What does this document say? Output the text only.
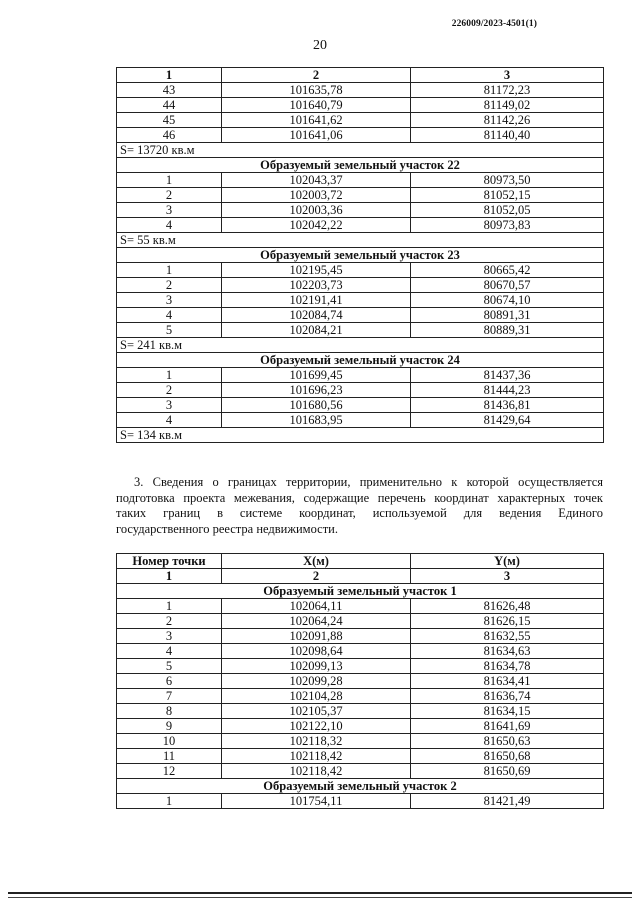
226009/2023-4501(1)
20
1	2	3
43	101635,78	81172,23
44	101640,79	81149,02
45	101641,62	81142,26
46	101641,06	81140,40
S= 13720 кв.м		
Образуемый земельный участок 22		
1	102043,37	80973,50
2	102003,72	81052,15
3	102003,36	81052,05
4	102042,22	80973,83
S= 55 кв.м		
Образуемый земельный участок 23		
1	102195,45	80665,42
2	102203,73	80670,57
3	102191,41	80674,10
4	102084,74	80891,31
5	102084,21	80889,31
S= 241 кв.м		
Образуемый земельный участок 24		
1	101699,45	81437,36
2	101696,23	81444,23
3	101680,56	81436,81
4	101683,95	81429,64
S= 134 кв.м		
3. Сведения о границах территории, применительно к которой осуществляется
подготовка проекта межевания, содержащие перечень координат характерных точек
таких границ в системе координат, используемой для ведения Единого
государственного реестра недвижимости.
Номер точки	X(м)	Y(м)
1	2	3
Образуемый земельный участок 1		
1	102064,11	81626,48
2	102064,24	81626,15
3	102091,88	81632,55
4	102098,64	81634,63
5	102099,13	81634,78
6	102099,28	81634,41
7	102104,28	81636,74
8	102105,37	81634,15
9	102122,10	81641,69
10	102118,32	81650,63
11	102118,42	81650,68
12	102118,42	81650,69
Образуемый земельный участок 2		
1	101754,11	81421,49
